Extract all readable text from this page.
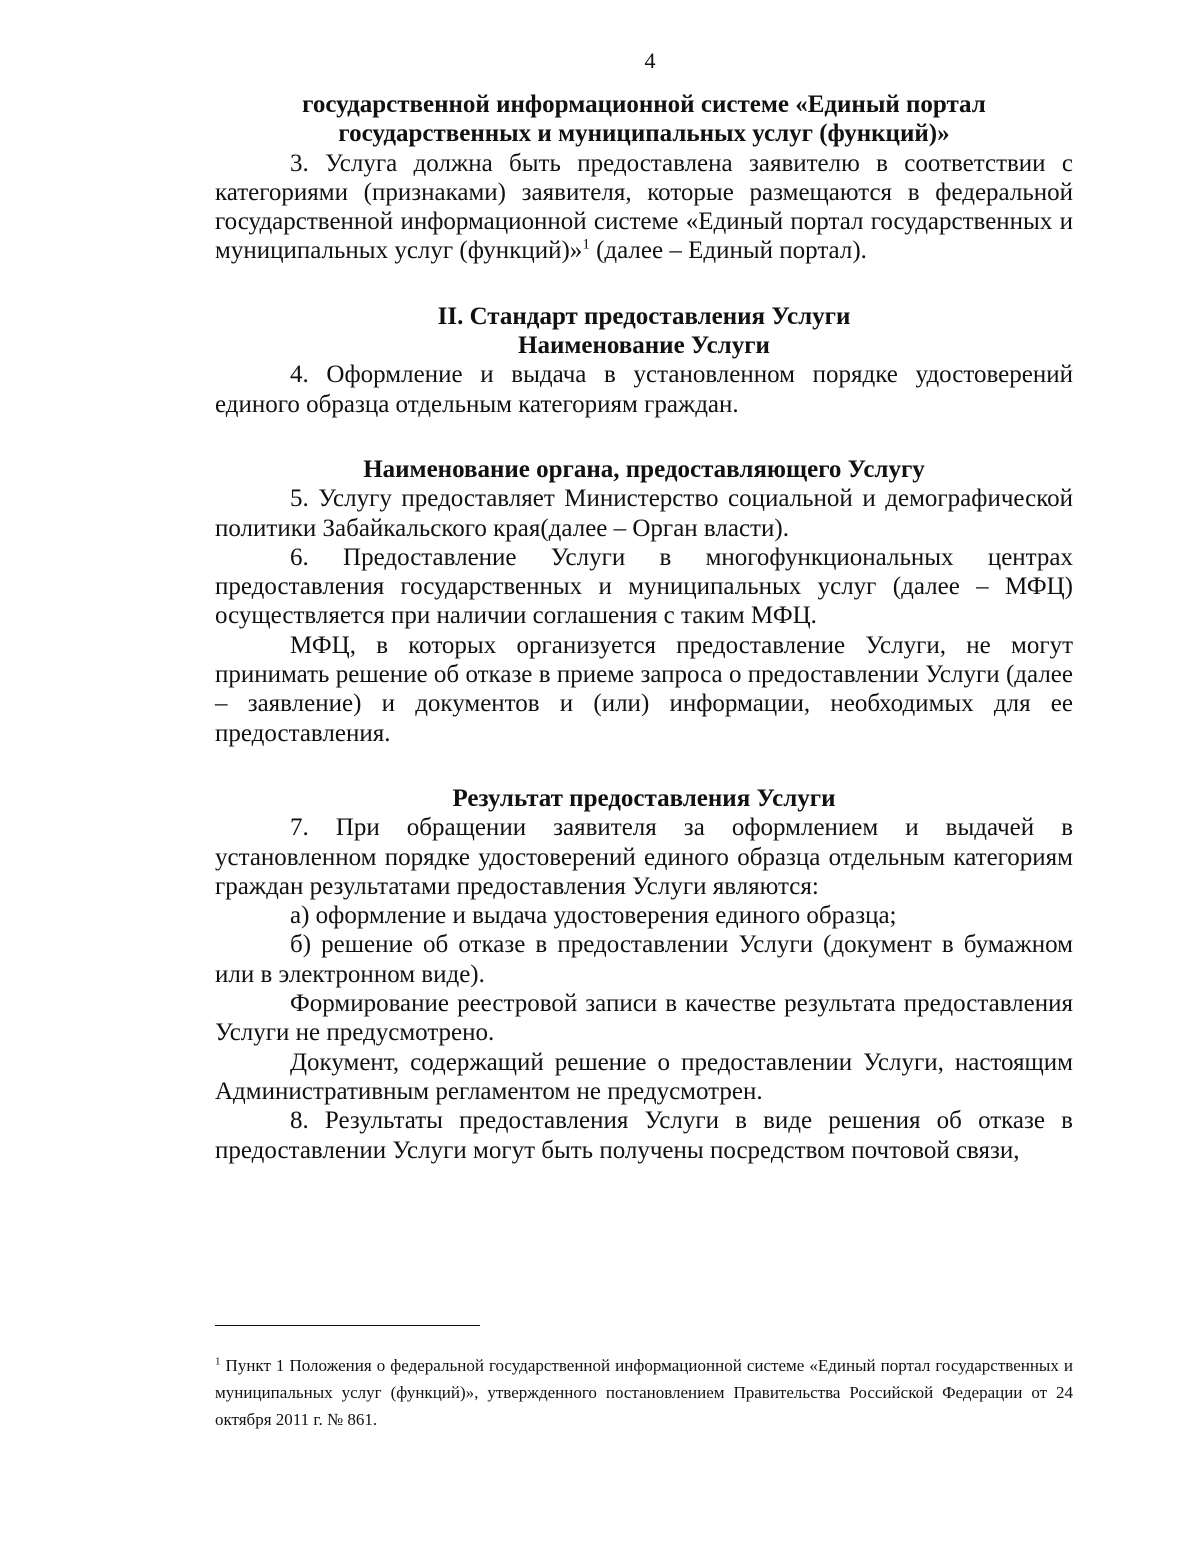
4

государственной информационной системе «Единый портал государственных и муниципальных услуг (функций)»

3. Услуга должна быть предоставлена заявителю в соответствии с категориями (признаками) заявителя, которые размещаются в федеральной государственной информационной системе «Единый портал государственных и муниципальных услуг (функций)»$^1$ (далее – Единый портал).

II. Стандарт предоставления Услуги

Наименование Услуги

4. Оформление и выдача в установленном порядке удостоверений единого образца отдельным категориям граждан.

Наименование органа, предоставляющего Услугу

5. Услугу предоставляет Министерство социальной и демографической политики Забайкальского края(далее – Орган власти).

6. Предоставление Услуги в многофункциональных центрах предоставления государственных и муниципальных услуг (далее – МФЦ) осуществляется при наличии соглашения с таким МФЦ.

МФЦ, в которых организуется предоставление Услуги, не могут принимать решение об отказе в приеме запроса о предоставлении Услуги (далее – заявление) и документов и (или) информации, необходимых для ее предоставления.

Результат предоставления Услуги

7. При обращении заявителя за оформлением и выдачей в установленном порядке удостоверений единого образца отдельным категориям граждан результатами предоставления Услуги являются:

а) оформление и выдача удостоверения единого образца;

б) решение об отказе в предоставлении Услуги (документ в бумажном или в электронном виде).

Формирование реестровой записи в качестве результата предоставления Услуги не предусмотрено.

Документ, содержащий решение о предоставлении Услуги, настоящим Административным регламентом не предусмотрен.

8. Результаты предоставления Услуги в виде решения об отказе в предоставлении Услуги могут быть получены посредством почтовой связи,

$^1$ Пункт 1 Положения о федеральной государственной информационной системе «Единый портал государственных и муниципальных услуг (функций)», утвержденного постановлением Правительства Российской Федерации от 24 октября 2011 г. № 861.
